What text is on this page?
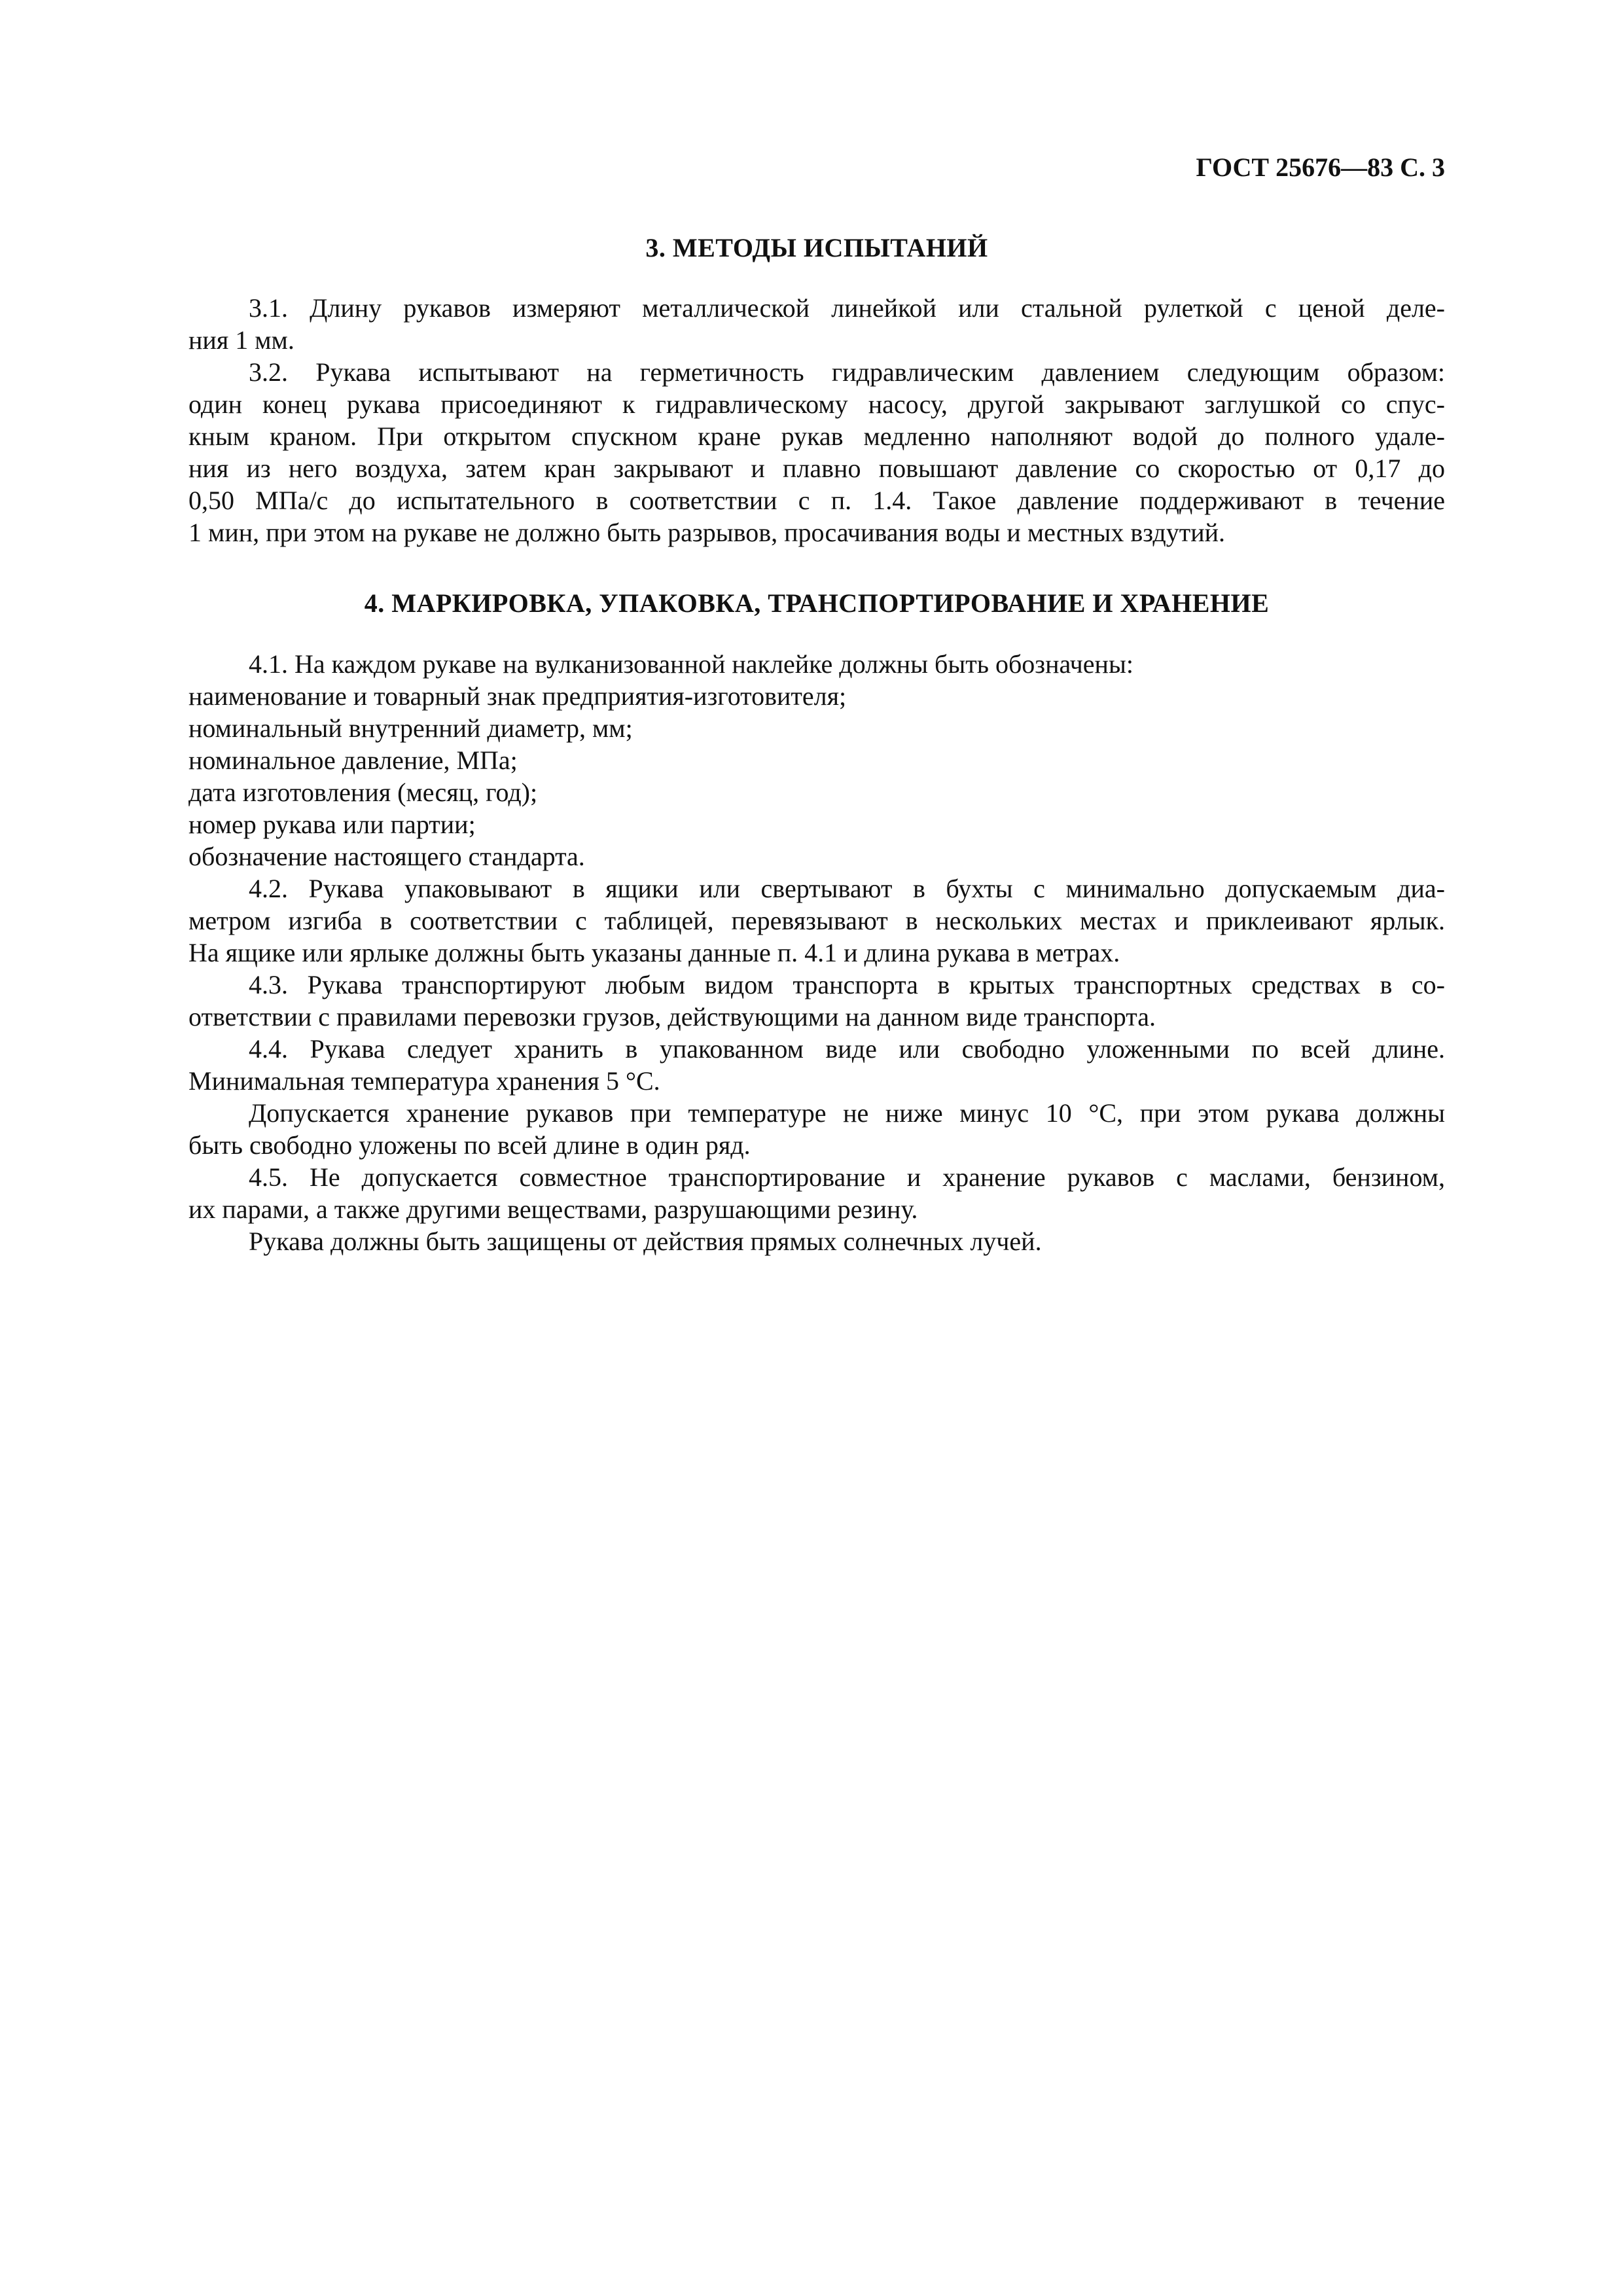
ГОСТ 25676—83 С. 3
3. МЕТОДЫ ИСПЫТАНИЙ
3.1. Длину рукавов измеряют металлической линейкой или стальной рулеткой с ценой деле-
ния 1 мм.
3.2. Рукава испытывают на герметичность гидравлическим давлением следующим образом:
один конец рукава присоединяют к гидравлическому насосу, другой закрывают заглушкой со спус-
кным краном. При открытом спускном кране рукав медленно наполняют водой до полного удале-
ния из него воздуха, затем кран закрывают и плавно повышают давление со скоростью от 0,17 до
0,50 МПа/с до испытательного в соответствии с п. 1.4. Такое давление поддерживают в течение
1 мин, при этом на рукаве не должно быть разрывов, просачивания воды и местных вздутий.
4. МАРКИРОВКА, УПАКОВКА, ТРАНСПОРТИРОВАНИЕ И ХРАНЕНИЕ
4.1. На каждом рукаве на вулканизованной наклейке должны быть обозначены:
наименование и товарный знак предприятия-изготовителя;
номинальный внутренний диаметр, мм;
номинальное давление, МПа;
дата изготовления (месяц, год);
номер рукава или партии;
обозначение настоящего стандарта.
4.2. Рукава упаковывают в ящики или свертывают в бухты с минимально допускаемым диа-
метром изгиба в соответствии с таблицей, перевязывают в нескольких местах и приклеивают ярлык.
На ящике или ярлыке должны быть указаны данные п. 4.1 и длина рукава в метрах.
4.3. Рукава транспортируют любым видом транспорта в крытых транспортных средствах в со-
ответствии с правилами перевозки грузов, действующими на данном виде транспорта.
4.4. Рукава следует хранить в упакованном виде или свободно уложенными по всей длине.
Минимальная температура хранения 5 °С.
Допускается хранение рукавов при температуре не ниже минус 10 °С, при этом рукава должны
быть свободно уложены по всей длине в один ряд.
4.5. Не допускается совместное транспортирование и хранение рукавов с маслами, бензином,
их парами, а также другими веществами, разрушающими резину.
Рукава должны быть защищены от действия прямых солнечных лучей.
